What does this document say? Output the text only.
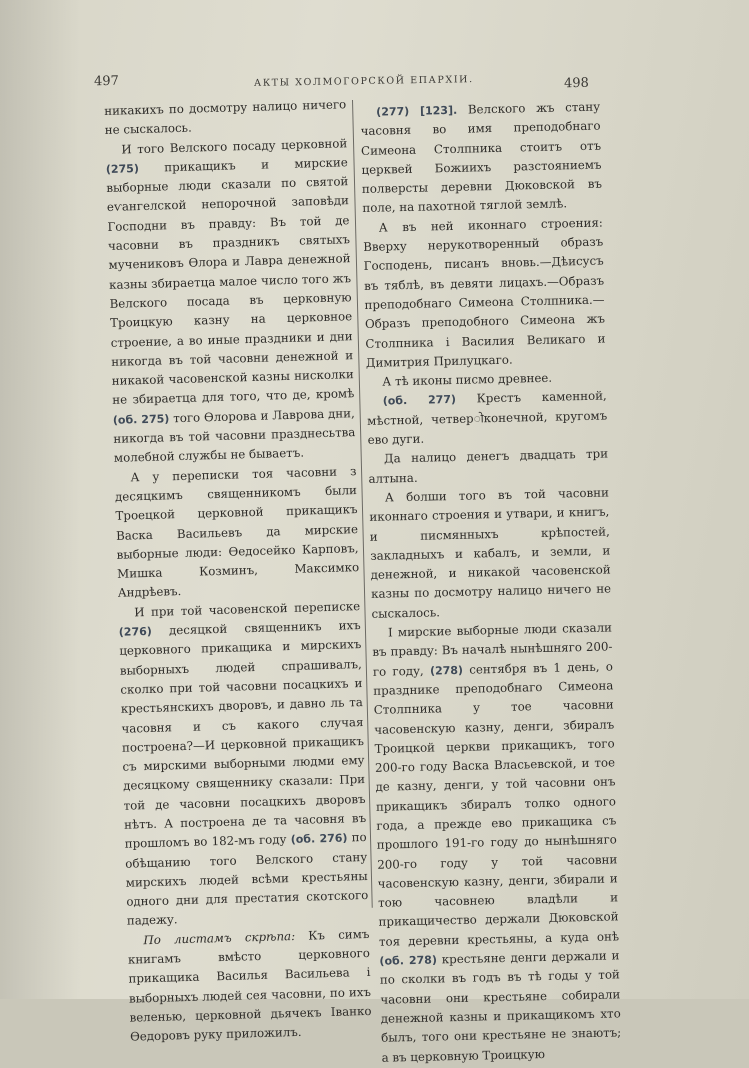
497	АКТЫ ХОЛМОГОРСКОЙ ЕПАРХІИ.	498

никакихъ по досмотру налицо ничего не сыскалось.

И того Велского посаду церковной (275) прикащикъ и мирские выборные люди сказали по святой еѵангелской непорочной заповѣди Господни въ правду: Въ той де часовни въ праздникъ святыхъ мучениковъ Ѳлора и Лавра денежной казны збираетца малое число того жъ Велского посада въ церковную Троицкую казну на церковное строение, а во иные праздники и дни никогда въ той часовни денежной и никакой часовенской казны нисколки не збираетца для того, что де, кромѣ (об. 275) того Ѳлорова и Лаврова дни, никогда въ той часовни празднесьтва молебной службы не бываетъ.

А у переписки тоя часовни з десяцкимъ священникомъ были Троецкой церковной прикащикъ Васка Васильевъ да мирские выборные люди: Ѳедосейко Карповъ, Мишка Козминъ, Максимко Андрѣевъ.

И при той часовенской переписке (276) десяцкой священникъ ихъ церковного прикащика и мирскихъ выборныхъ людей спрашивалъ, сколко при той часовни посацкихъ и крестьянскихъ дворовъ, и давно ль та часовня и съ какого случая построена?—И церковной прикащикъ съ мирскими выборными людми ему десяцкому священнику сказали: При той де часовни посацкихъ дворовъ нѣтъ. А построена де та часовня въ прошломъ во 182-мъ году (об. 276) по обѣщанию того Велского стану мирскихъ людей всѣми крестьяны одного дни для престатия скотского падежу.

По листамъ скрѣпа: Къ симъ книгамъ вмѣсто церковного прикащика Василья Васильева і выборныхъ людей сея часовни, по ихъ веленью, церковной дьячекъ Іванко Ѳедоровъ руку приложилъ.

(277) [123]. Велского жъ стану часовня во имя преподобнаго Симеона Столпника стоитъ отъ церквей Божиихъ разстояниемъ полверсты деревни Дюковской въ поле, на пахотной тяглой землѣ.

А въ ней иконнаго строения: Вверху нерукотворенный образъ Господень, писанъ вновь.—Дѣисусъ въ тяблѣ, въ девяти лицахъ.—Образъ преподобнаго Симеона Столпника.—Образъ преподобного Симеона жъ Столпника і Василия Великаго и Димитрия Прилуцкаго.

А тѣ иконы писмо древнее.

(об. 277) Крестъ каменной, мѣстной, четверोконечной, кругомъ ево дуги.

Да налицо денегъ двадцать три алтына.

А болши того въ той часовни иконнаго строения и утвари, и книгъ, и писмянныхъ крѣпостей, закладныхъ и кабалъ, и земли, и денежной, и никакой часовенской казны по досмотру налицо ничего не сыскалось.

І мирские выборные люди сказали въ правду: Въ началѣ нынѣшняго 200-го году, (278) сентября въ 1 день, о празднике преподобнаго Симеона Столпника у тое часовни часовенскую казну, денги, збиралъ Троицкой церкви прикащикъ, того 200-го году Васка Власьевской, и тое де казну, денги, у той часовни онъ прикащикъ збиралъ толко одного года, а прежде ево прикащика съ прошлого 191-го году до нынѣшняго 200-го году у той часовни часовенскую казну, денги, збирали и тою часовнею владѣли и прикащичество держали Дюковской тоя деревни крестьяны, а куда онѣ (об. 278) крестьяне денги держали и по сколки въ годъ въ тѣ годы у той часовни они крестьяне собирали денежной казны и прикащикомъ хто былъ, того они крестьяне не знаютъ; а въ церковную Троицкую
